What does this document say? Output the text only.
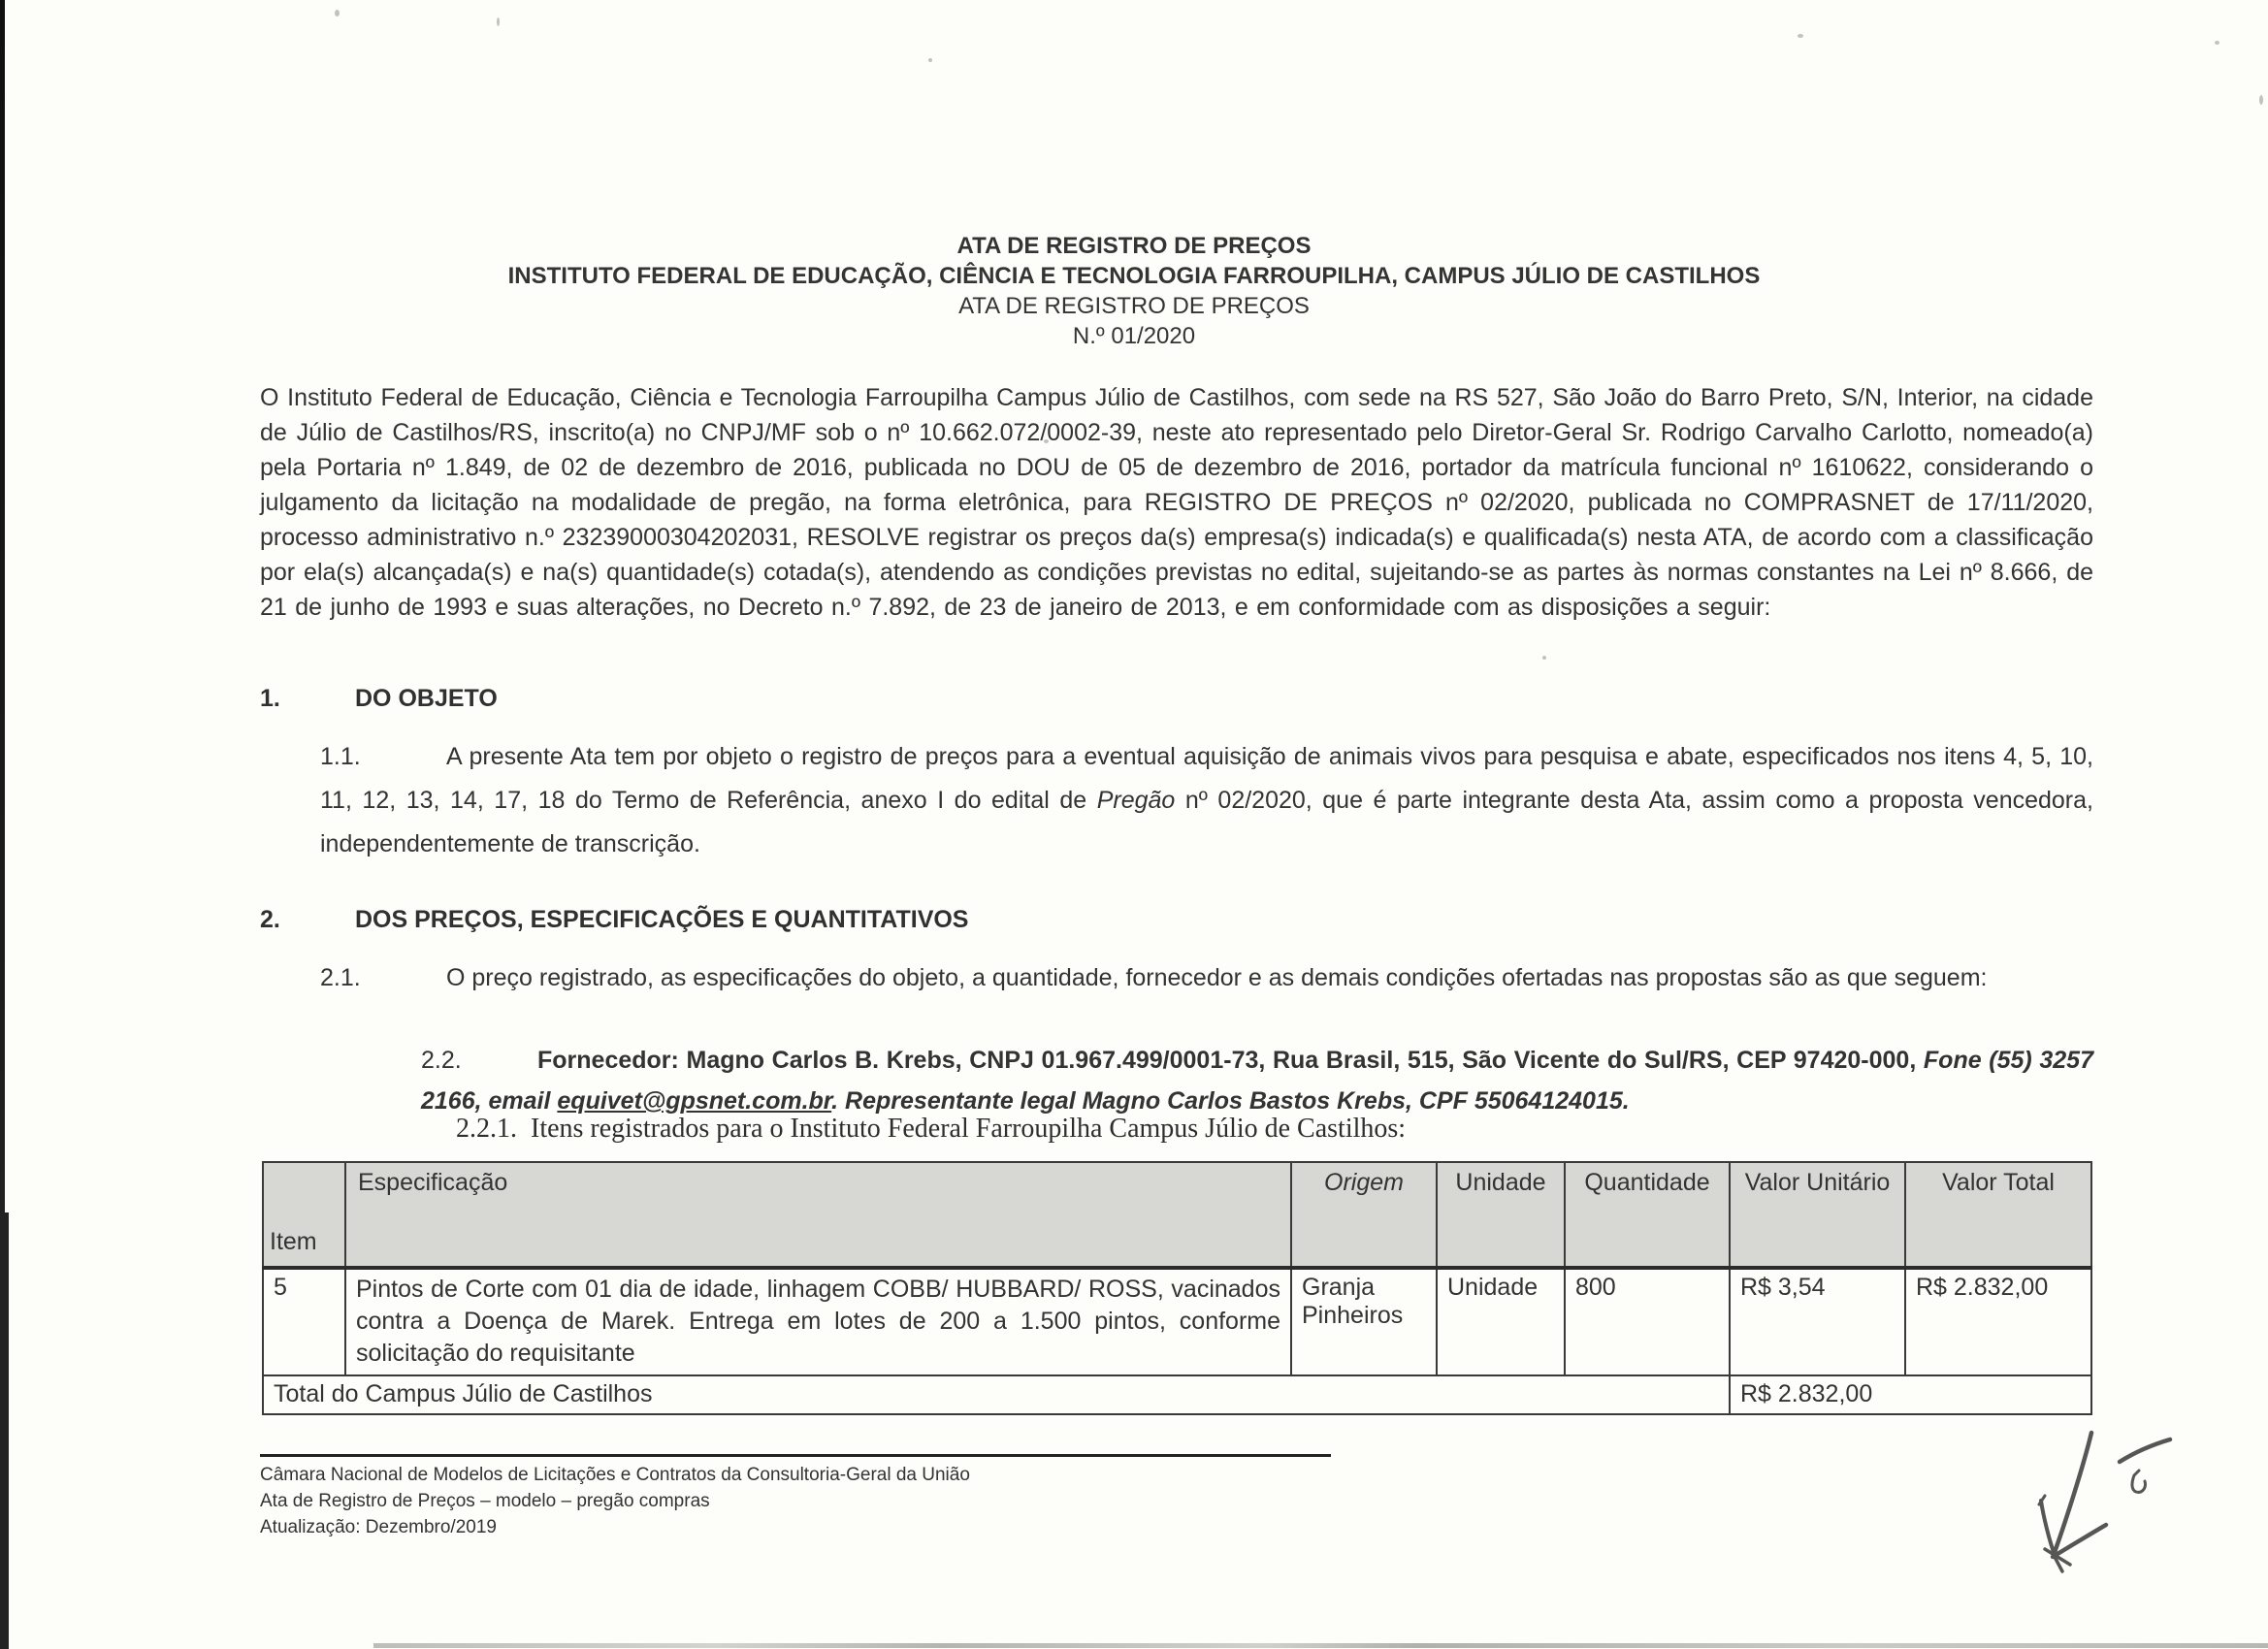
ATA DE REGISTRO DE PREÇOS
INSTITUTO FEDERAL DE EDUCAÇÃO, CIÊNCIA E TECNOLOGIA FARROUPILHA, CAMPUS JÚLIO DE CASTILHOS
ATA DE REGISTRO DE PREÇOS
N.º 01/2020
O Instituto Federal de Educação, Ciência e Tecnologia Farroupilha Campus Júlio de Castilhos, com sede na RS 527, São João do Barro Preto, S/N, Interior, na cidade de Júlio de Castilhos/RS, inscrito(a) no CNPJ/MF sob o nº 10.662.072/0002-39, neste ato representado pelo Diretor-Geral Sr. Rodrigo Carvalho Carlotto, nomeado(a) pela Portaria nº 1.849, de 02 de dezembro de 2016, publicada no DOU de 05 de dezembro de 2016, portador da matrícula funcional nº 1610622, considerando o julgamento da licitação na modalidade de pregão, na forma eletrônica, para REGISTRO DE PREÇOS nº 02/2020, publicada no COMPRASNET de 17/11/2020, processo administrativo n.º 23239000304202031, RESOLVE registrar os preços da(s) empresa(s) indicada(s) e qualificada(s) nesta ATA, de acordo com a classificação por ela(s) alcançada(s) e na(s) quantidade(s) cotada(s), atendendo as condições previstas no edital, sujeitando-se as partes às normas constantes na Lei nº 8.666, de 21 de junho de 1993 e suas alterações, no Decreto n.º 7.892, de 23 de janeiro de 2013, e em conformidade com as disposições a seguir:
1.	DO OBJETO
1.1.	A presente Ata tem por objeto o registro de preços para a eventual aquisição de animais vivos para pesquisa e abate, especificados nos itens 4, 5, 10, 11, 12, 13, 14, 17, 18 do Termo de Referência, anexo I do edital de Pregão nº 02/2020, que é parte integrante desta Ata, assim como a proposta vencedora, independentemente de transcrição.
2.	DOS PREÇOS, ESPECIFICAÇÕES E QUANTITATIVOS
2.1.	O preço registrado, as especificações do objeto, a quantidade, fornecedor e as demais condições ofertadas nas propostas são as que seguem:
2.2.	Fornecedor: Magno Carlos B. Krebs, CNPJ 01.967.499/0001-73, Rua Brasil, 515, São Vicente do Sul/RS, CEP 97420-000, Fone (55) 3257 2166, email equivet@gpsnet.com.br. Representante legal Magno Carlos Bastos Krebs, CPF 55064124015.
2.2.1. Itens registrados para o Instituto Federal Farroupilha Campus Júlio de Castilhos:
Item	Especificação	Origem	Unidade	Quantidade	Valor Unitário	Valor Total
5	Pintos de Corte com 01 dia de idade, linhagem COBB/ HUBBARD/ ROSS, vacinados contra a Doença de Marek. Entrega em lotes de 200 a 1.500 pintos, conforme solicitação do requisitante	Granja Pinheiros	Unidade	800	R$ 3,54	R$ 2.832,00
Total do Campus Júlio de Castilhos					R$ 2.832,00	
Câmara Nacional de Modelos de Licitações e Contratos da Consultoria-Geral da União
Ata de Registro de Preços – modelo – pregão compras
Atualização: Dezembro/2019
